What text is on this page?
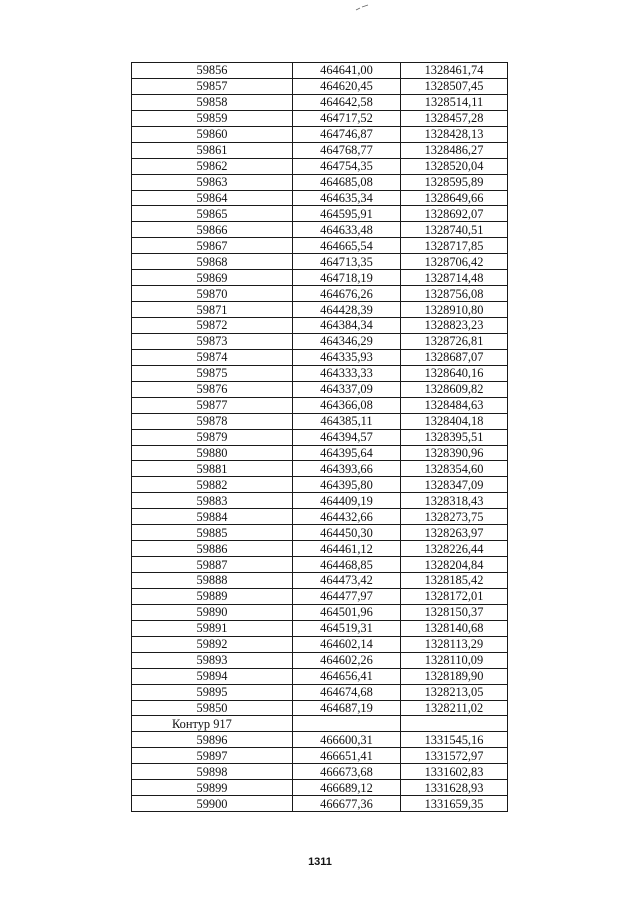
59856	464641,00	1328461,74
59857	464620,45	1328507,45
59858	464642,58	1328514,11
59859	464717,52	1328457,28
59860	464746,87	1328428,13
59861	464768,77	1328486,27
59862	464754,35	1328520,04
59863	464685,08	1328595,89
59864	464635,34	1328649,66
59865	464595,91	1328692,07
59866	464633,48	1328740,51
59867	464665,54	1328717,85
59868	464713,35	1328706,42
59869	464718,19	1328714,48
59870	464676,26	1328756,08
59871	464428,39	1328910,80
59872	464384,34	1328823,23
59873	464346,29	1328726,81
59874	464335,93	1328687,07
59875	464333,33	1328640,16
59876	464337,09	1328609,82
59877	464366,08	1328484,63
59878	464385,11	1328404,18
59879	464394,57	1328395,51
59880	464395,64	1328390,96
59881	464393,66	1328354,60
59882	464395,80	1328347,09
59883	464409,19	1328318,43
59884	464432,66	1328273,75
59885	464450,30	1328263,97
59886	464461,12	1328226,44
59887	464468,85	1328204,84
59888	464473,42	1328185,42
59889	464477,97	1328172,01
59890	464501,96	1328150,37
59891	464519,31	1328140,68
59892	464602,14	1328113,29
59893	464602,26	1328110,09
59894	464656,41	1328189,90
59895	464674,68	1328213,05
59850	464687,19	1328211,02
Контур 917		
59896	466600,31	1331545,16
59897	466651,41	1331572,97
59898	466673,68	1331602,83
59899	466689,12	1331628,93
59900	466677,36	1331659,35
1311
